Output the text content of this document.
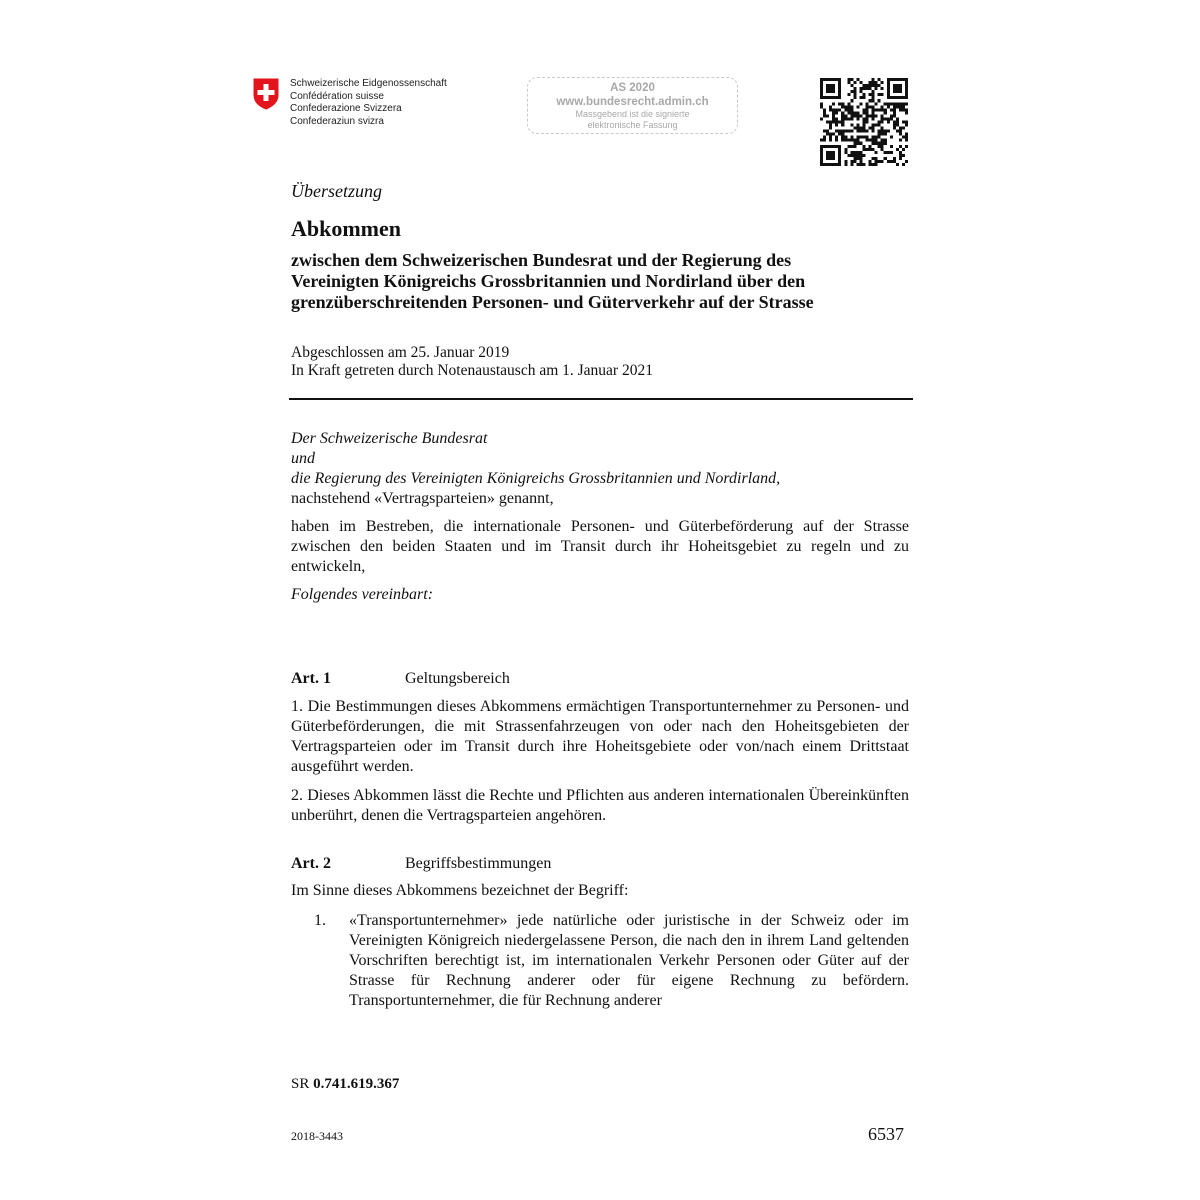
Schweizerische Eidgenossenschaft
Confédération suisse
Confederazione Svizzera
Confederaziun svizra
AS 2020
www.bundesrecht.admin.ch
Massgebend ist die signierte
elektronische Fassung
Übersetzung
Abkommen
zwischen dem Schweizerischen Bundesrat und der Regierung des
Vereinigten Königreichs Grossbritannien und Nordirland über den
grenzüberschreitenden Personen- und Güterverkehr auf der Strasse
Abgeschlossen am 25. Januar 2019
In Kraft getreten durch Notenaustausch am 1. Januar 2021
Der Schweizerische Bundesrat
und
die Regierung des Vereinigten Königreichs Grossbritannien und Nordirland,
nachstehend «Vertragsparteien» genannt,
haben im Bestreben, die internationale Personen- und Güterbeförderung auf der Strasse zwischen den beiden Staaten und im Transit durch ihr Hoheitsgebiet zu regeln und zu entwickeln,
Folgendes vereinbart:
Art. 1	Geltungsbereich
1. Die Bestimmungen dieses Abkommens ermächtigen Transportunternehmer zu Personen- und Güterbeförderungen, die mit Strassenfahrzeugen von oder nach den Hoheitsgebieten der Vertragsparteien oder im Transit durch ihre Hoheitsgebiete oder von/nach einem Drittstaat ausgeführt werden.
2. Dieses Abkommen lässt die Rechte und Pflichten aus anderen internationalen Übereinkünften unberührt, denen die Vertragsparteien angehören.
Art. 2	Begriffsbestimmungen
Im Sinne dieses Abkommens bezeichnet der Begriff:
1. «Transportunternehmer» jede natürliche oder juristische in der Schweiz oder im Vereinigten Königreich niedergelassene Person, die nach den in ihrem Land geltenden Vorschriften berechtigt ist, im internationalen Verkehr Personen oder Güter auf der Strasse für Rechnung anderer oder für eigene Rechnung zu befördern. Transportunternehmer, die für Rechnung anderer
SR 0.741.619.367
2018-3443	6537
